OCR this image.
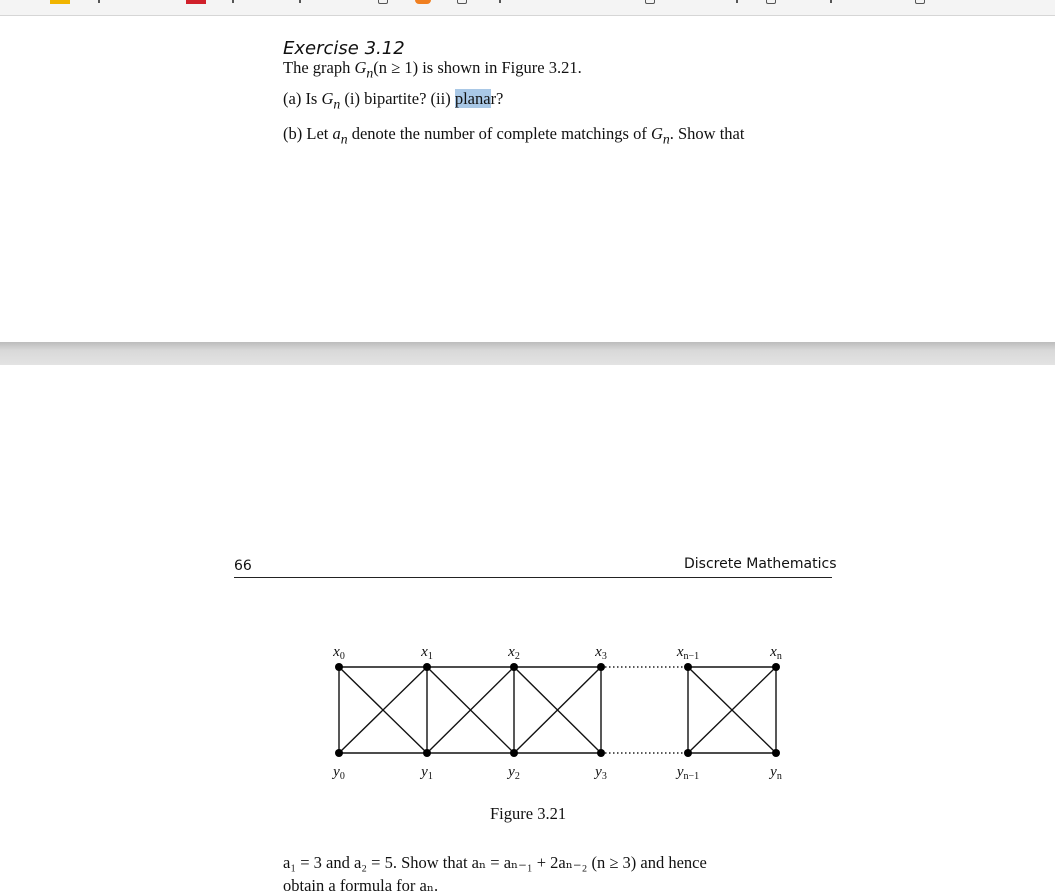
Exercise 3.12
The graph $G_n(n \ge 1)$ is shown in Figure 3.21.
(a) Is $G_n$ (i) bipartite? (ii) planar?
(b) Let $a_n$ denote the number of complete matchings of $G_n$. Show that
66	Discrete Mathematics
$x_0$	$x_1$	$x_2$	$x_3$	$x_{n-1}$	$x_n$
$y_0$	$y_1$	$y_2$	$y_3$	$y_{n-1}$	$y_n$
Figure 3.21
a₁ = 3 and a₂ = 5. Show that aₙ = aₙ₋₁ + 2aₙ₋₂ (n ≥ 3) and hence
obtain a formula for aₙ.
